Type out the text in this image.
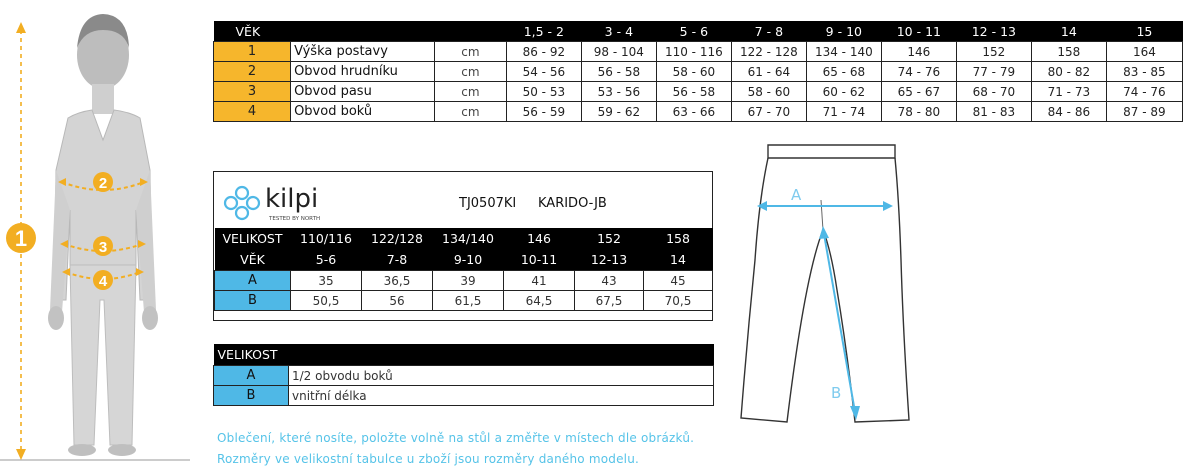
1
2
3
4
VĚK			1,5 - 2	3 - 4	5 - 6	7 - 8	9 - 10	10 - 11	12 - 13	14	15
1	Výška postavy	cm	86 - 92	98 - 104	110 - 116	122 - 128	134 - 140	146	152	158	164
2	Obvod hrudníku	cm	54 - 56	56 - 58	58 - 60	61 - 64	65 - 68	74 - 76	77 - 79	80 - 82	83 - 85
3	Obvod pasu	cm	50 - 53	53 - 56	56 - 58	58 - 60	60 - 62	65 - 67	68 - 70	71 - 73	74 - 76
4	Obvod boků	cm	56 - 59	59 - 62	63 - 66	67 - 70	71 - 74	78 - 80	81 - 83	84 - 86	87 - 89
kilpi
TESTED BY NORTH
TJ0507KI KARIDO-JB
VELIKOST	110/116	122/128	134/140	146	152	158
VĚK	5-6	7-8	9-10	10-11	12-13	14
A	35	36,5	39	41	43	45
B	50,5	56	61,5	64,5	67,5	70,5
VELIKOST	
A	1/2 obvodu boků
B	vnitřní délka
Oblečení, které nosíte, položte volně na stůl a změřte v místech dle obrázků.
Rozměry ve velikostní tabulce u zboží jsou rozměry daného modelu.
A
B
